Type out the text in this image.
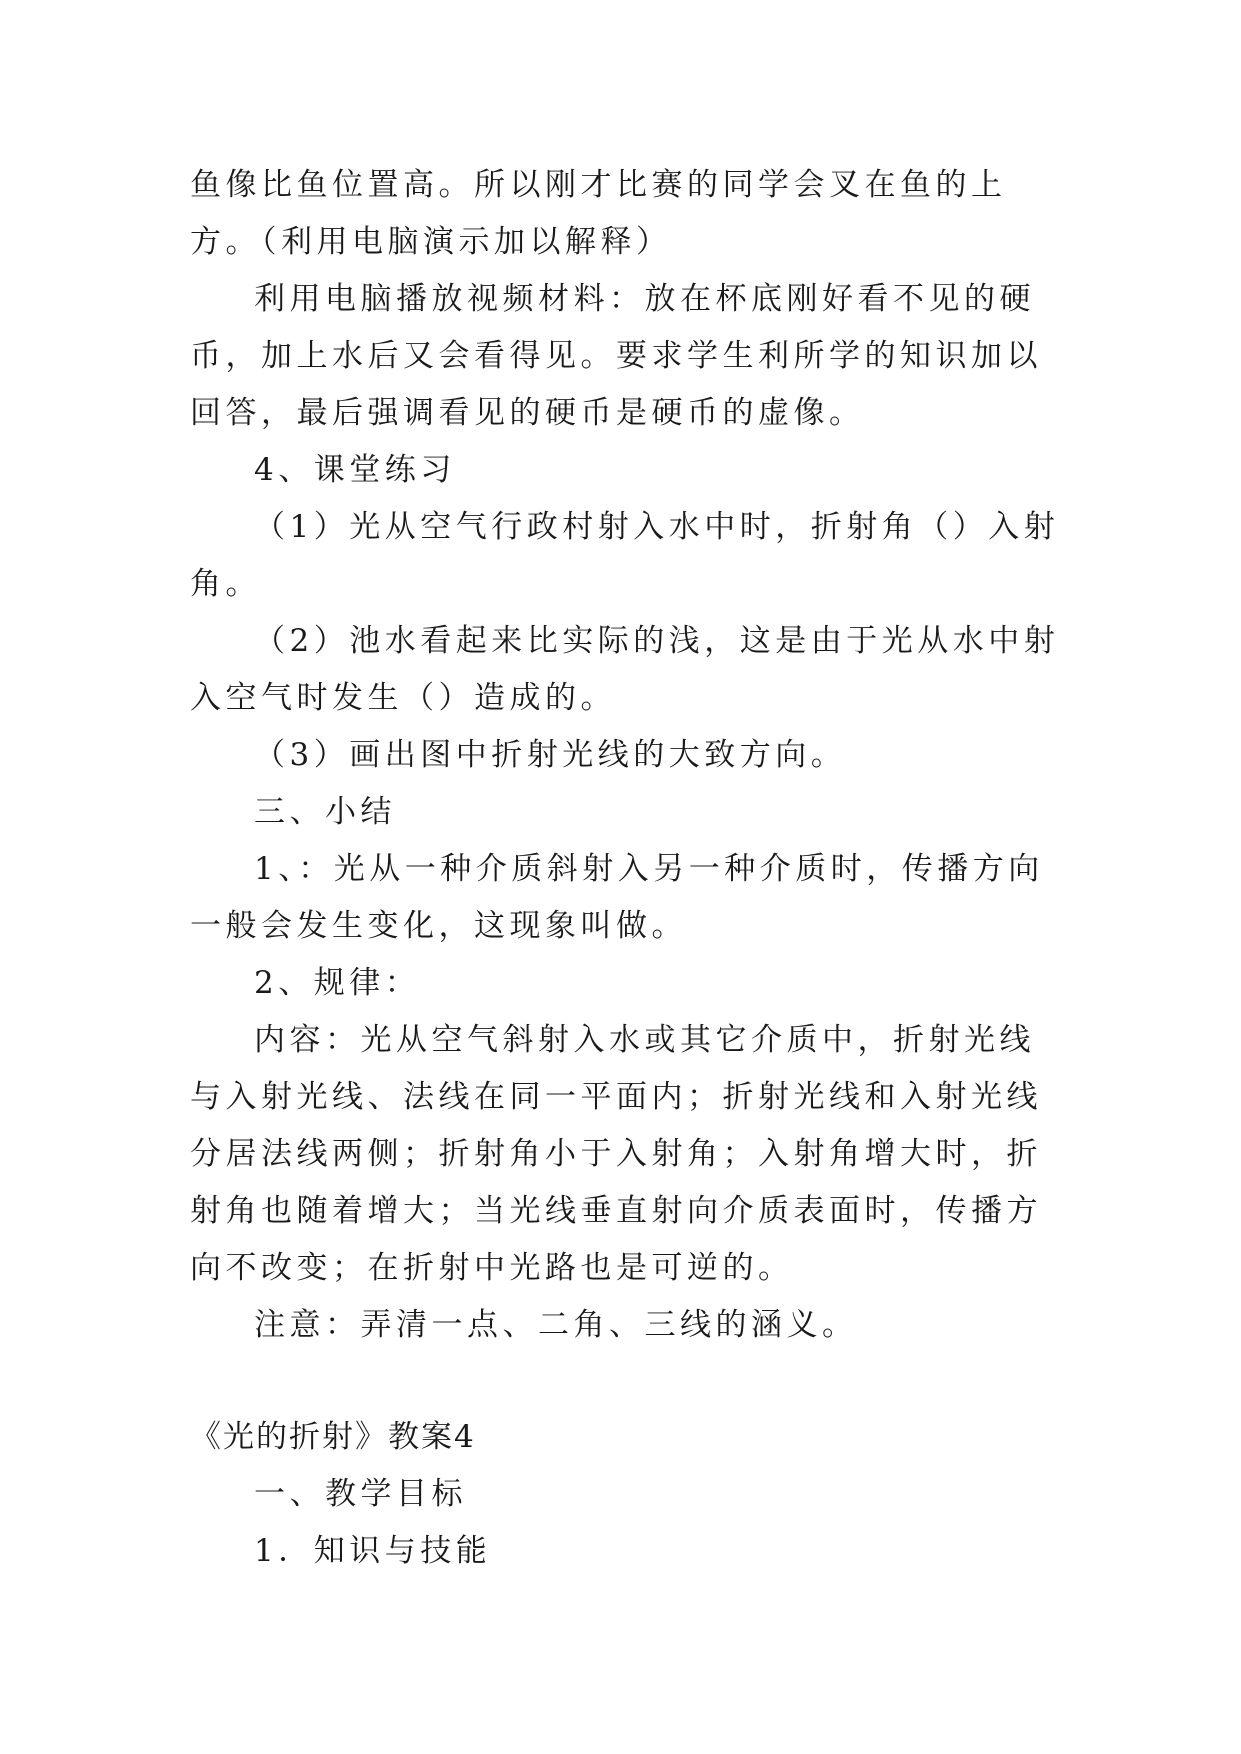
鱼像比鱼位置高。所以刚才比赛的同学会叉在鱼的上方。（利用电脑演示加以解释）

利用电脑播放视频材料：放在杯底刚好看不见的硬币，加上水后又会看得见。要求学生利所学的知识加以回答，最后强调看见的硬币是硬币的虚像。

4、课堂练习

（1）光从空气行政村射入水中时，折射角（）入射角。

（2）池水看起来比实际的浅，这是由于光从水中射入空气时发生（）造成的。

（3）画出图中折射光线的大致方向。

三、小结

1、：光从一种介质斜射入另一种介质时，传播方向一般会发生变化，这现象叫做。

2、规律：

内容：光从空气斜射入水或其它介质中，折射光线与入射光线、法线在同一平面内；折射光线和入射光线分居法线两侧；折射角小于入射角；入射角增大时，折射角也随着增大；当光线垂直射向介质表面时，传播方向不改变；在折射中光路也是可逆的。

注意：弄清一点、二角、三线的涵义。

《光的折射》教案4

一、教学目标

1．知识与技能
